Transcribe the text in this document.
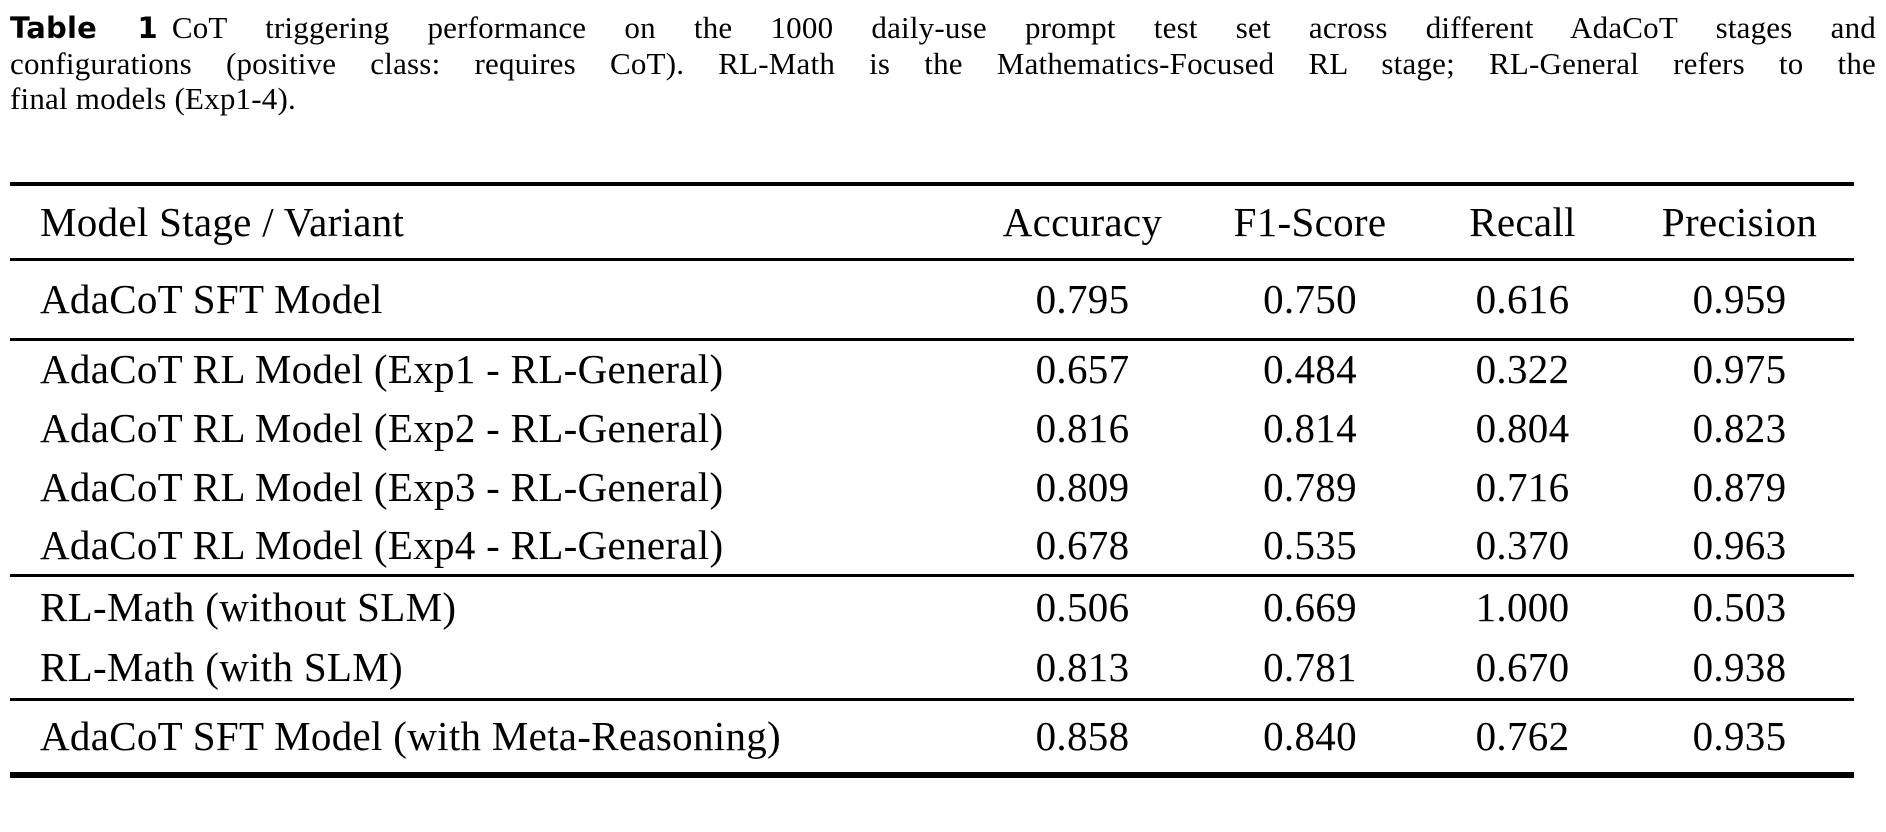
Table 1 CoT triggering performance on the 1000 daily-use prompt test set across different AdaCoT stages and
configurations (positive class: requires CoT). RL-Math is the Mathematics-Focused RL stage; RL-General refers to the
final models (Exp1-4).
Model Stage / Variant	Accuracy	F1-Score	Recall	Precision
AdaCoT SFT Model	0.795	0.750	0.616	0.959
AdaCoT RL Model (Exp1 - RL-General)	0.657	0.484	0.322	0.975
AdaCoT RL Model (Exp2 - RL-General)	0.816	0.814	0.804	0.823
AdaCoT RL Model (Exp3 - RL-General)	0.809	0.789	0.716	0.879
AdaCoT RL Model (Exp4 - RL-General)	0.678	0.535	0.370	0.963
RL-Math (without SLM)	0.506	0.669	1.000	0.503
RL-Math (with SLM)	0.813	0.781	0.670	0.938
AdaCoT SFT Model (with Meta-Reasoning)	0.858	0.840	0.762	0.935
